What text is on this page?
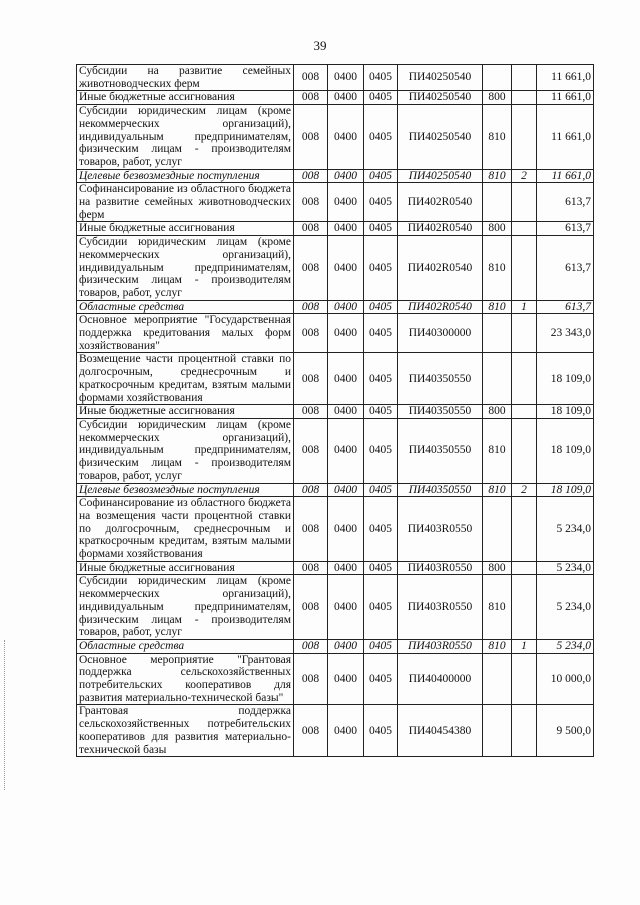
39
Субсидии на развитие семейных животноводческих ферм	008	0400	0405	ПИ40250540			11 661,0
Иные бюджетные ассигнования	008	0400	0405	ПИ40250540	800		11 661,0
Субсидии юридическим лицам (кроме некоммерческих организаций), индивидуальным предпринимателям, физическим лицам - производителям товаров, работ, услуг	008	0400	0405	ПИ40250540	810		11 661,0
Целевые безвозмездные поступления	008	0400	0405	ПИ40250540	810	2	11 661,0
Софинансирование из областного бюджета на развитие семейных животноводческих ферм	008	0400	0405	ПИ402R0540			613,7
Иные бюджетные ассигнования	008	0400	0405	ПИ402R0540	800		613,7
Субсидии юридическим лицам (кроме некоммерческих организаций), индивидуальным предпринимателям, физическим лицам - производителям товаров, работ, услуг	008	0400	0405	ПИ402R0540	810		613,7
Областные средства	008	0400	0405	ПИ402R0540	810	1	613,7
Основное мероприятие "Государственная поддержка кредитования малых форм хозяйствования"	008	0400	0405	ПИ40300000			23 343,0
Возмещение части процентной ставки по долгосрочным, среднесрочным и краткосрочным кредитам, взятым малыми формами хозяйствования	008	0400	0405	ПИ40350550			18 109,0
Иные бюджетные ассигнования	008	0400	0405	ПИ40350550	800		18 109,0
Субсидии юридическим лицам (кроме некоммерческих организаций), индивидуальным предпринимателям, физическим лицам - производителям товаров, работ, услуг	008	0400	0405	ПИ40350550	810		18 109,0
Целевые безвозмездные поступления	008	0400	0405	ПИ40350550	810	2	18 109,0
Софинансирование из областного бюджета на возмещения части процентной ставки по долгосрочным, среднесрочным и краткосрочным кредитам, взятым малыми формами хозяйствования	008	0400	0405	ПИ403R0550			5 234,0
Иные бюджетные ассигнования	008	0400	0405	ПИ403R0550	800		5 234,0
Субсидии юридическим лицам (кроме некоммерческих организаций), индивидуальным предпринимателям, физическим лицам - производителям товаров, работ, услуг	008	0400	0405	ПИ403R0550	810		5 234,0
Областные средства	008	0400	0405	ПИ403R0550	810	1	5 234,0
Основное мероприятие "Грантовая поддержка сельскохозяйственных потребительских кооперативов для развития материально-технической базы"	008	0400	0405	ПИ40400000			10 000,0
Грантовая поддержка сельскохозяйственных потребительских кооперативов для развития материально-технической базы	008	0400	0405	ПИ40454380			9 500,0
